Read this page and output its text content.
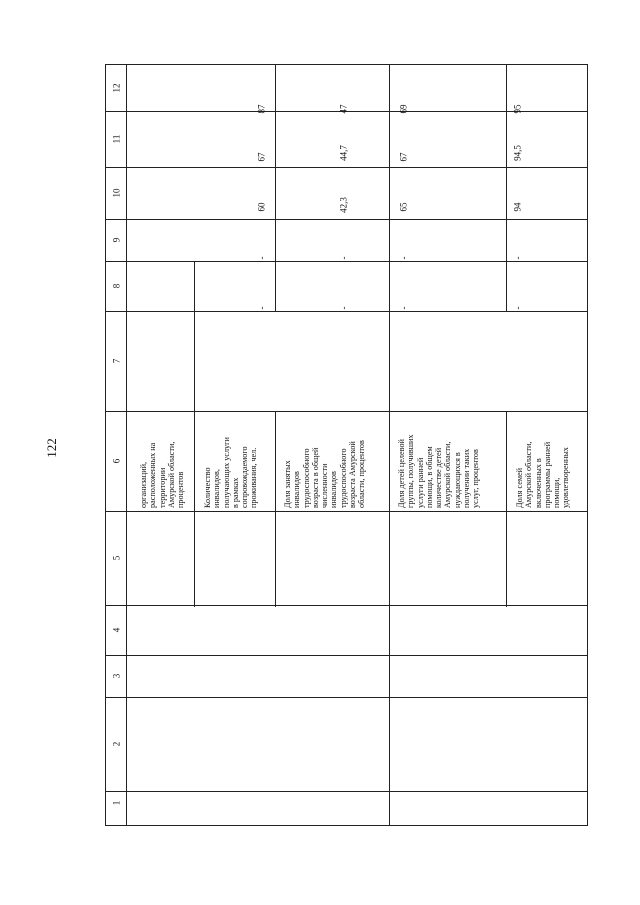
122
1
2
3
4
5
6
7
8
9
10
11
12
организаций,
расположенных на
территории
Амурской области,
процентов Количество
инвалидов,
получающих услуги
в рамках
сопровождаемого
проживания, чел.
Доля занятых
инвалидов
трудоспособного
возраста в общей
численности
инвалидов
трудоспособного
возраста Амурской
области, процентов
Доля детей целевой
группы, получивших
услуги ранней
помощи, в общем
количестве детей
Амурской области,
нуждающихся в
получении таких
услуг, процентов
Доля семей
Амурской области,
включенных в
программы ранней
помощи,
удовлетворенных
-
-
60
67
87
-
-
42,3
44,7
47
-
-
65
67
69
-
-
94
94,5
95
